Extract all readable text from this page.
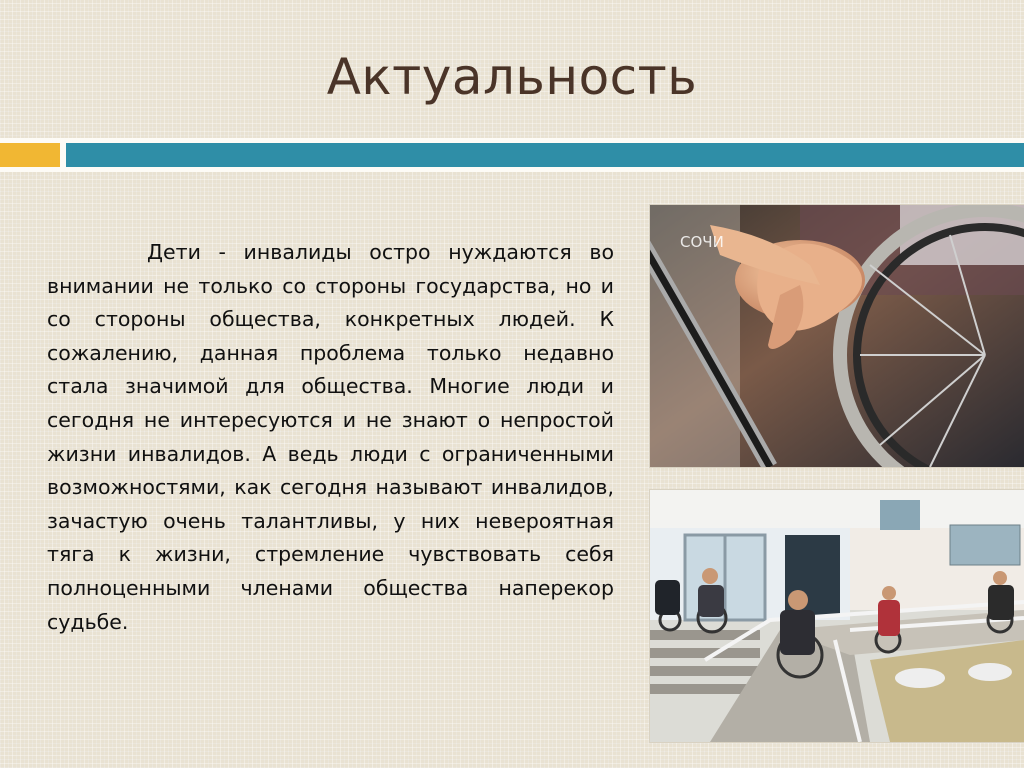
Актуальность

Дети - инвалиды остро нуждаются во внимании не только со стороны государства, но и со стороны общества, конкретных людей. К сожалению, данная проблема только недавно стала значимой для общества. Многие люди и сегодня не интересуются и не знают о непростой жизни инвалидов. А ведь люди с ограниченными возможностями, как сегодня называют инвалидов, зачастую очень талантливы, у них невероятная тяга к жизни, стремление чувствовать себя полноценными членами общества наперекор судьбе.

СОЧИ
